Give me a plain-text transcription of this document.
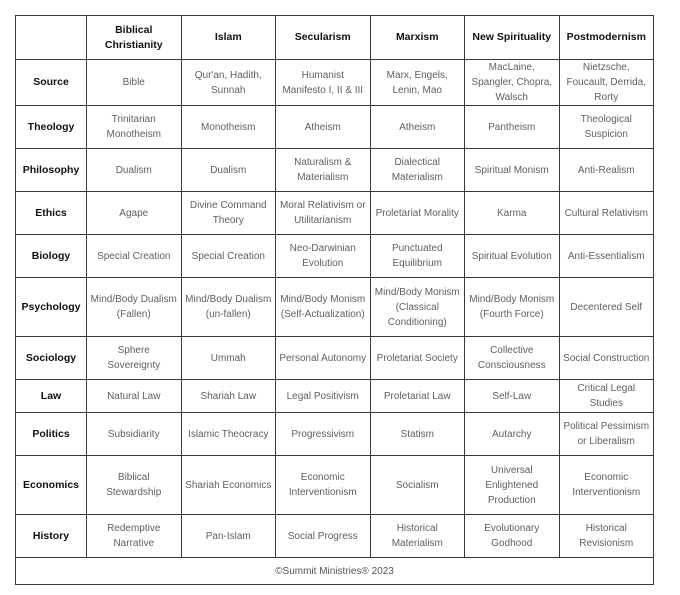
	Biblical Christianity	Islam	Secularism	Marxism	New Spirituality	Postmodernism
Source	Bible	Qur'an, Hadith, Sunnah	Humanist Manifesto I, II & III	Marx, Engels, Lenin, Mao	MacLaine, Spangler, Chopra, Walsch	Nietzsche, Foucault, Derrida, Rorty
Theology	Trinitarian Monotheism	Monotheism	Atheism	Atheism	Pantheism	Theological Suspicion
Philosophy	Dualism	Dualism	Naturalism & Materialism	Dialectical Materialism	Spiritual Monism	Anti-Realism
Ethics	Agape	Divine Command Theory	Moral Relativism or Utilitarianism	Proletariat Morality	Karma	Cultural Relativism
Biology	Special Creation	Special Creation	Neo-Darwinian Evolution	Punctuated Equilibrium	Spiritual Evolution	Anti-Essentialism
Psychology	Mind/Body Dualism (Fallen)	Mind/Body Dualism (un-fallen)	Mind/Body Monism (Self-Actualization)	Mind/Body Monism (Classical Conditioning)	Mind/Body Monism (Fourth Force)	Decentered Self
Sociology	Sphere Sovereignty	Ummah	Personal Autonomy	Proletariat Society	Collective Consciousness	Social Construction
Law	Natural Law	Shariah Law	Legal Positivism	Proletariat Law	Self-Law	Critical Legal Studies
Politics	Subsidiarity	Islamic Theocracy	Progressivism	Statism	Autarchy	Political Pessimism or Liberalism
Economics	Biblical Stewardship	Shariah Economics	Economic Interventionism	Socialism	Universal Enlightened Production	Economic Interventionism
History	Redemptive Narrative	Pan-Islam	Social Progress	Historical Materialism	Evolutionary Godhood	Historical Revisionism
©Summit Ministries® 2023						
